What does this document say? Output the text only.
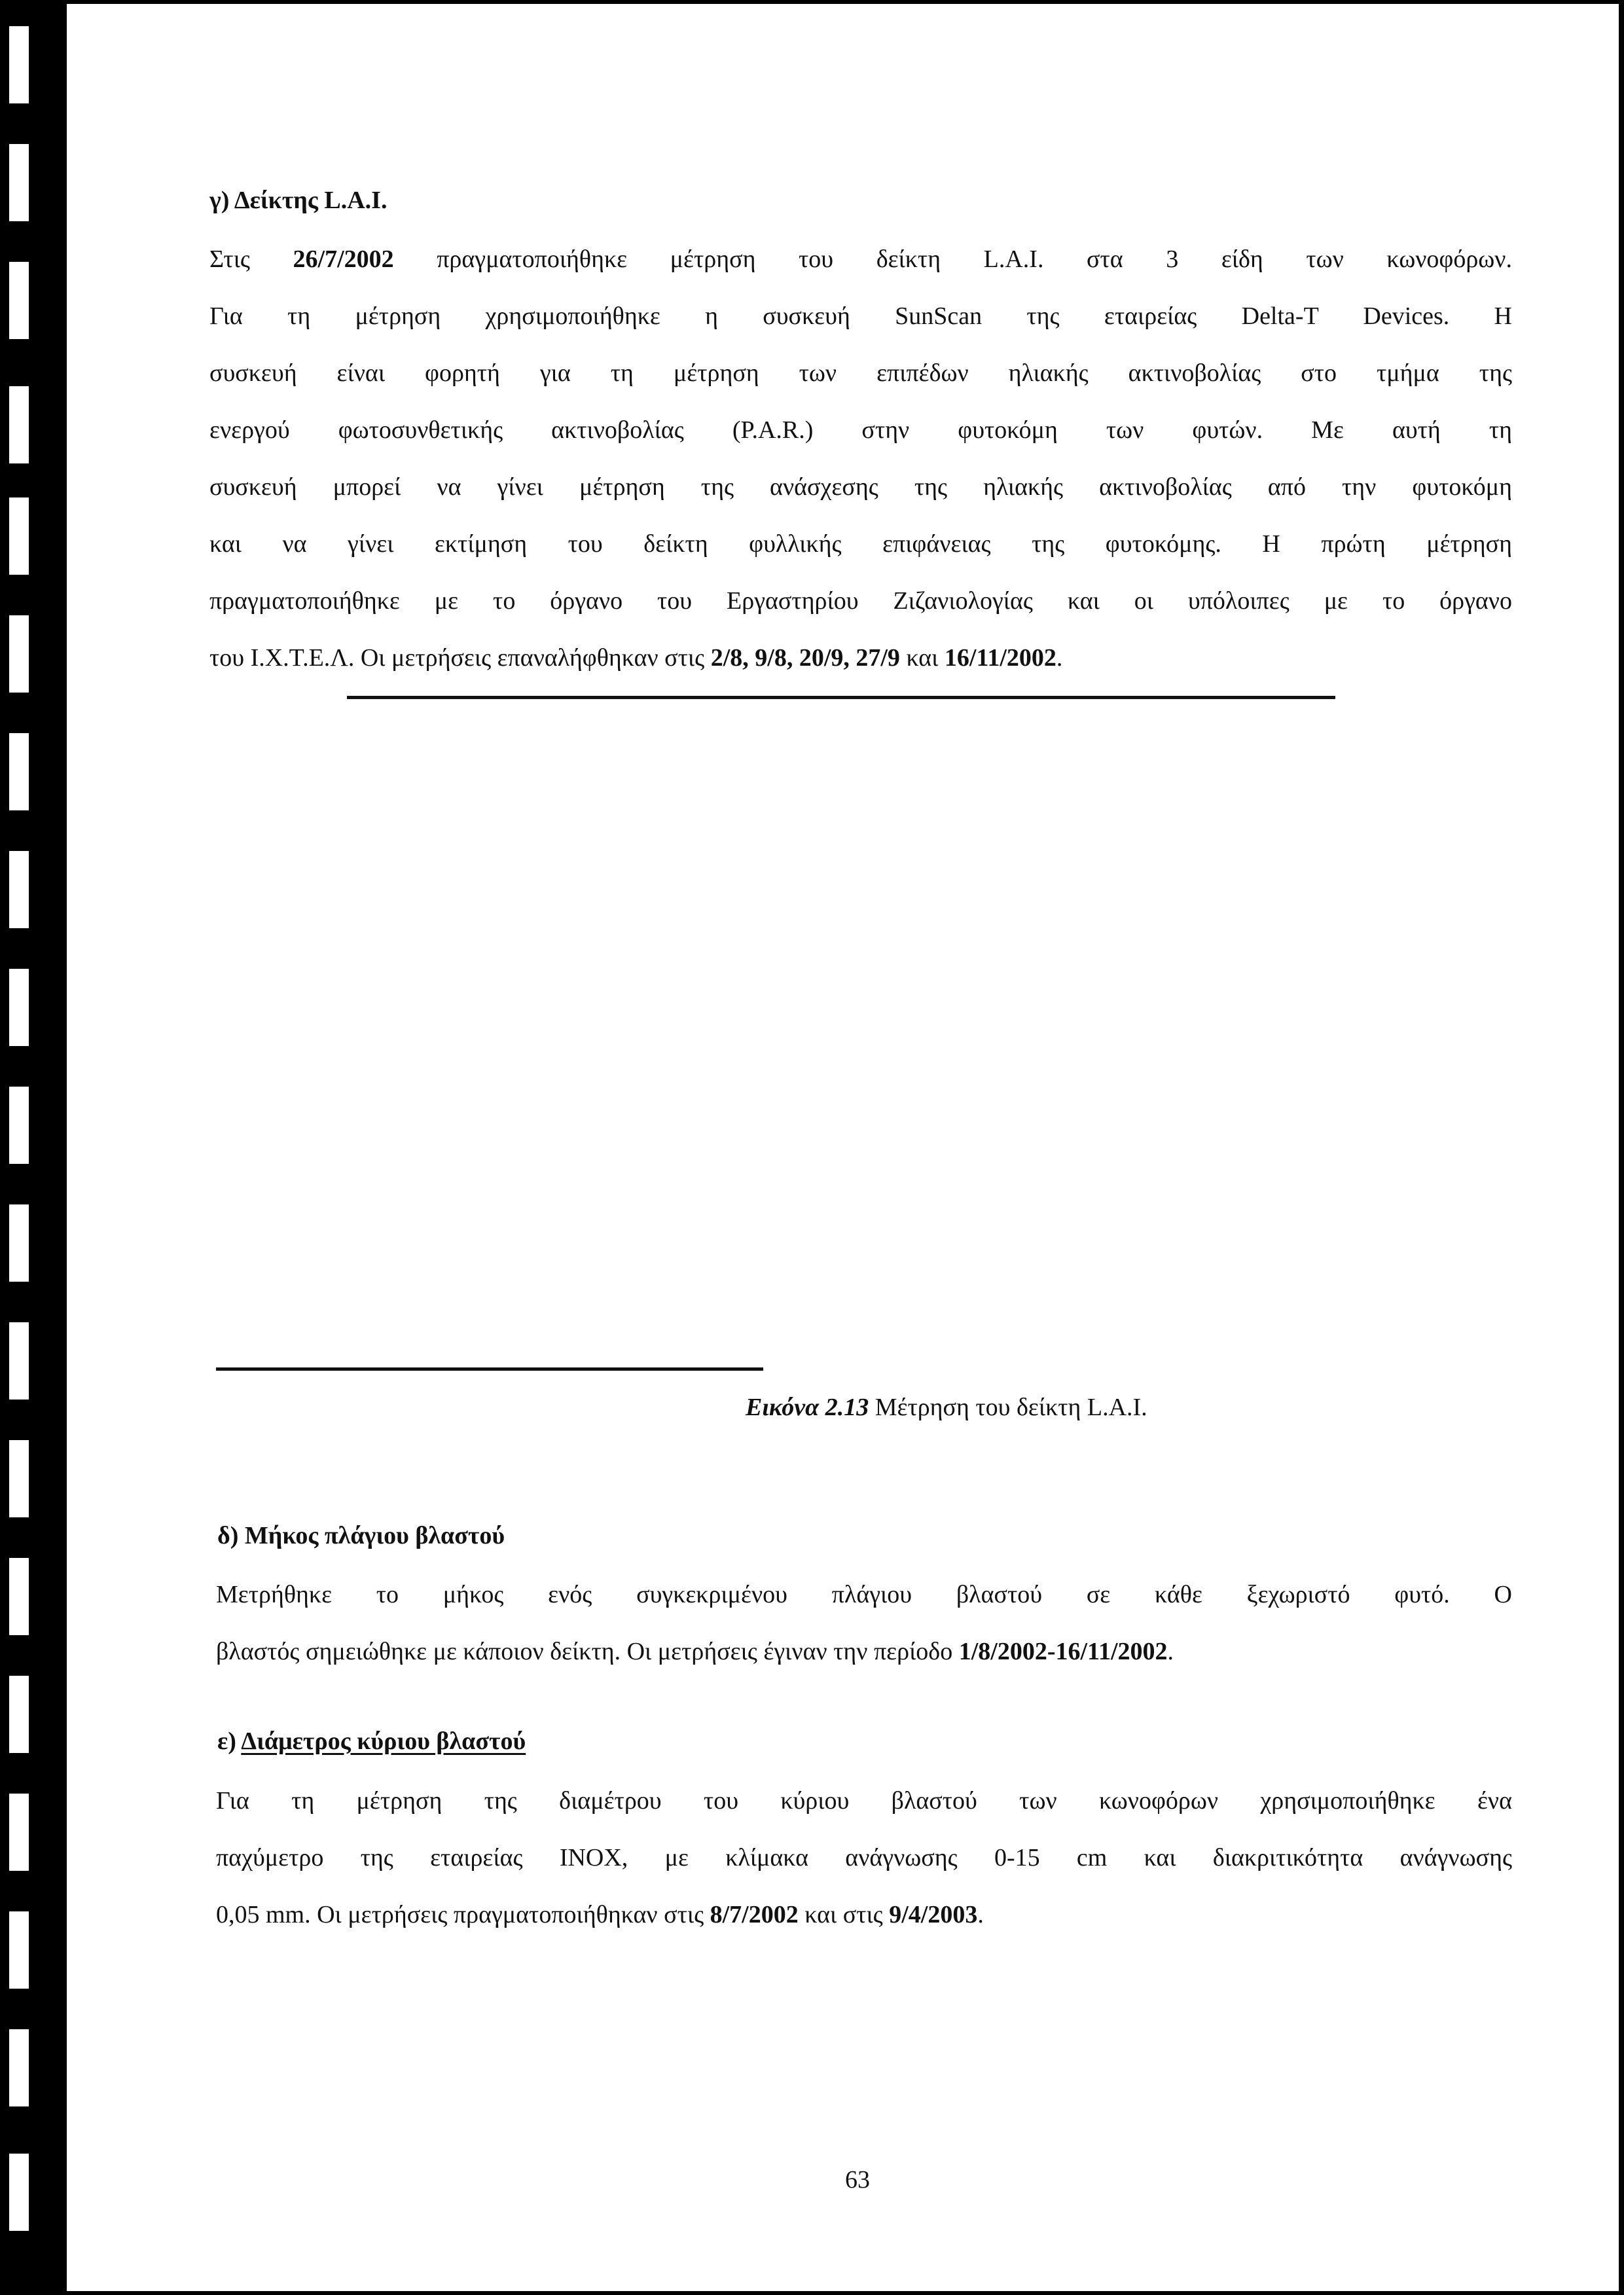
γ) Δείκτης L.A.I.

Στις 26/7/2002 πραγματοποιήθηκε μέτρηση του δείκτη L.A.I. στα 3 είδη των κωνοφόρων.
Για τη μέτρηση χρησιμοποιήθηκε η συσκευή SunScan της εταιρείας Delta-T Devices. Η
συσκευή είναι φορητή για τη μέτρηση των επιπέδων ηλιακής ακτινοβολίας στο τμήμα της
ενεργού φωτοσυνθετικής ακτινοβολίας (P.A.R.) στην φυτοκόμη των φυτών. Με αυτή τη
συσκευή μπορεί να γίνει μέτρηση της ανάσχεσης της ηλιακής ακτινοβολίας από την φυτοκόμη
και να γίνει εκτίμηση του δείκτη φυλλικής επιφάνειας της φυτοκόμης. Η πρώτη μέτρηση
πραγματοποιήθηκε με το όργανο του Εργαστηρίου Ζιζανιολογίας και οι υπόλοιπες με το όργανο
του Ι.Χ.Τ.Ε.Λ. Οι μετρήσεις επαναλήφθηκαν στις 2/8, 9/8, 20/9, 27/9 και 16/11/2002.

Εικόνα 2.13 Μέτρηση του δείκτη L.A.I.
δ) Μήκος πλάγιου βλαστού

Μετρήθηκε το μήκος ενός συγκεκριμένου πλάγιου βλαστού σε κάθε ξεχωριστό φυτό. Ο
βλαστός σημειώθηκε με κάποιον δείκτη. Οι μετρήσεις έγιναν την περίοδο 1/8/2002-16/11/2002.

ε) Διάμετρος κύριου βλαστού

Για τη μέτρηση της διαμέτρου του κύριου βλαστού των κωνοφόρων χρησιμοποιήθηκε ένα
παχύμετρο της εταιρείας INOX, με κλίμακα ανάγνωσης 0-15 cm και διακριτικότητα ανάγνωσης
0,05 mm. Οι μετρήσεις πραγματοποιήθηκαν στις 8/7/2002 και στις 9/4/2003.

63
